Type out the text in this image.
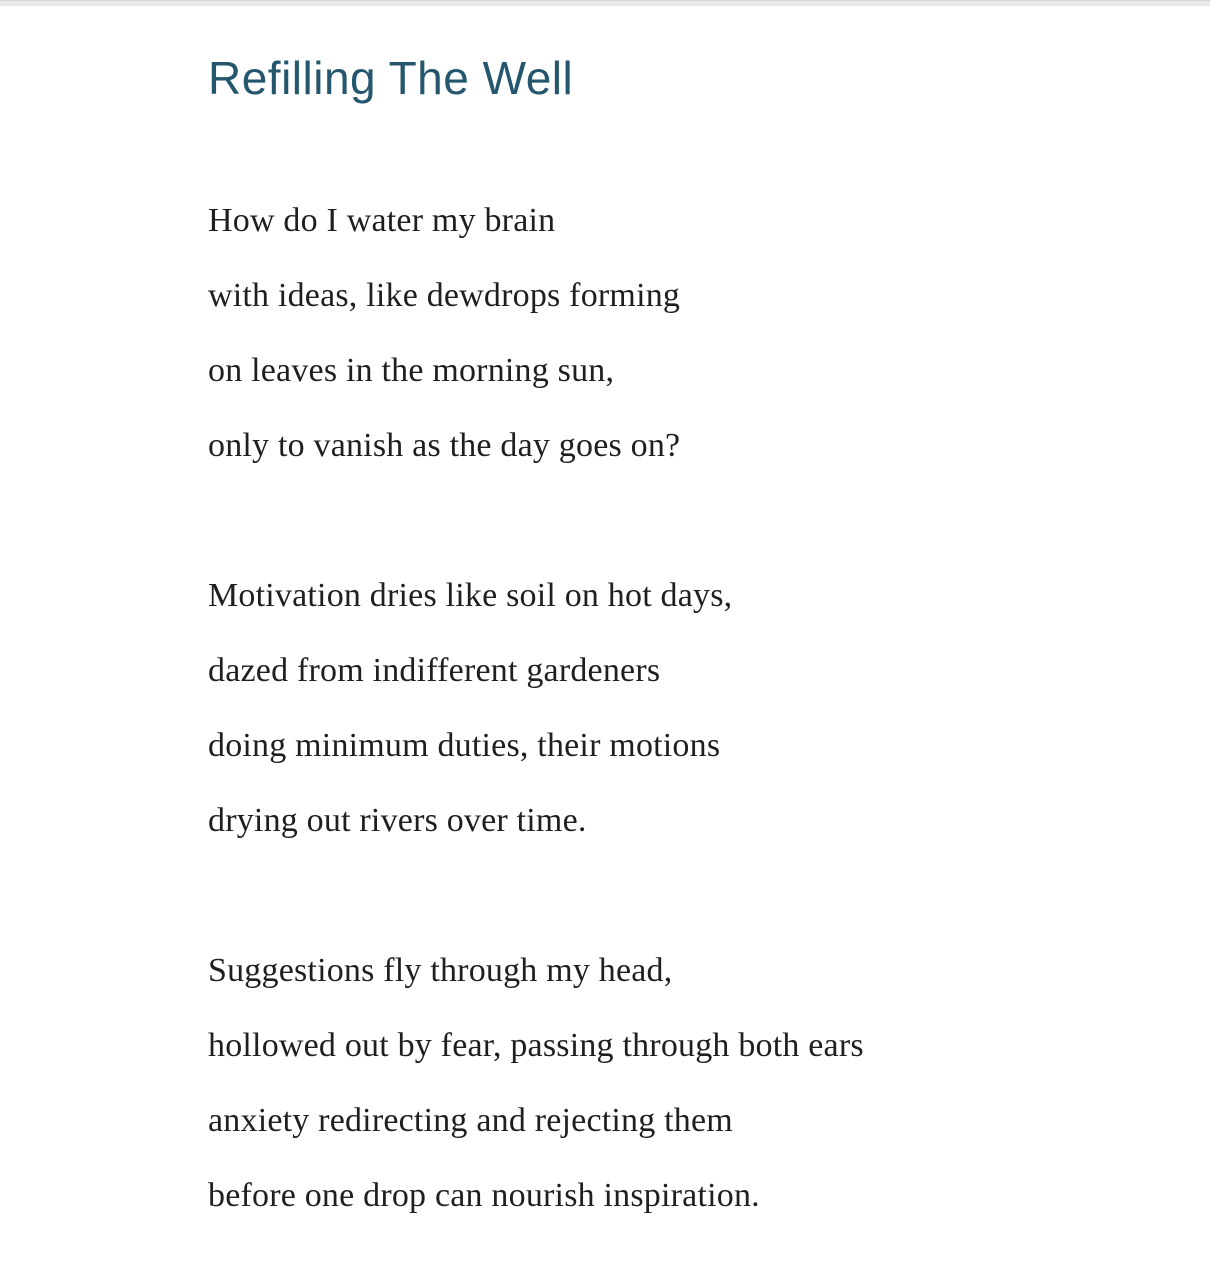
Refilling The Well
How do I water my brain
with ideas, like dewdrops forming
on leaves in the morning sun,
only to vanish as the day goes on?
Motivation dries like soil on hot days,
dazed from indifferent gardeners
doing minimum duties, their motions
drying out rivers over time.
Suggestions fly through my head,
hollowed out by fear, passing through both ears
anxiety redirecting and rejecting them
before one drop can nourish inspiration.
